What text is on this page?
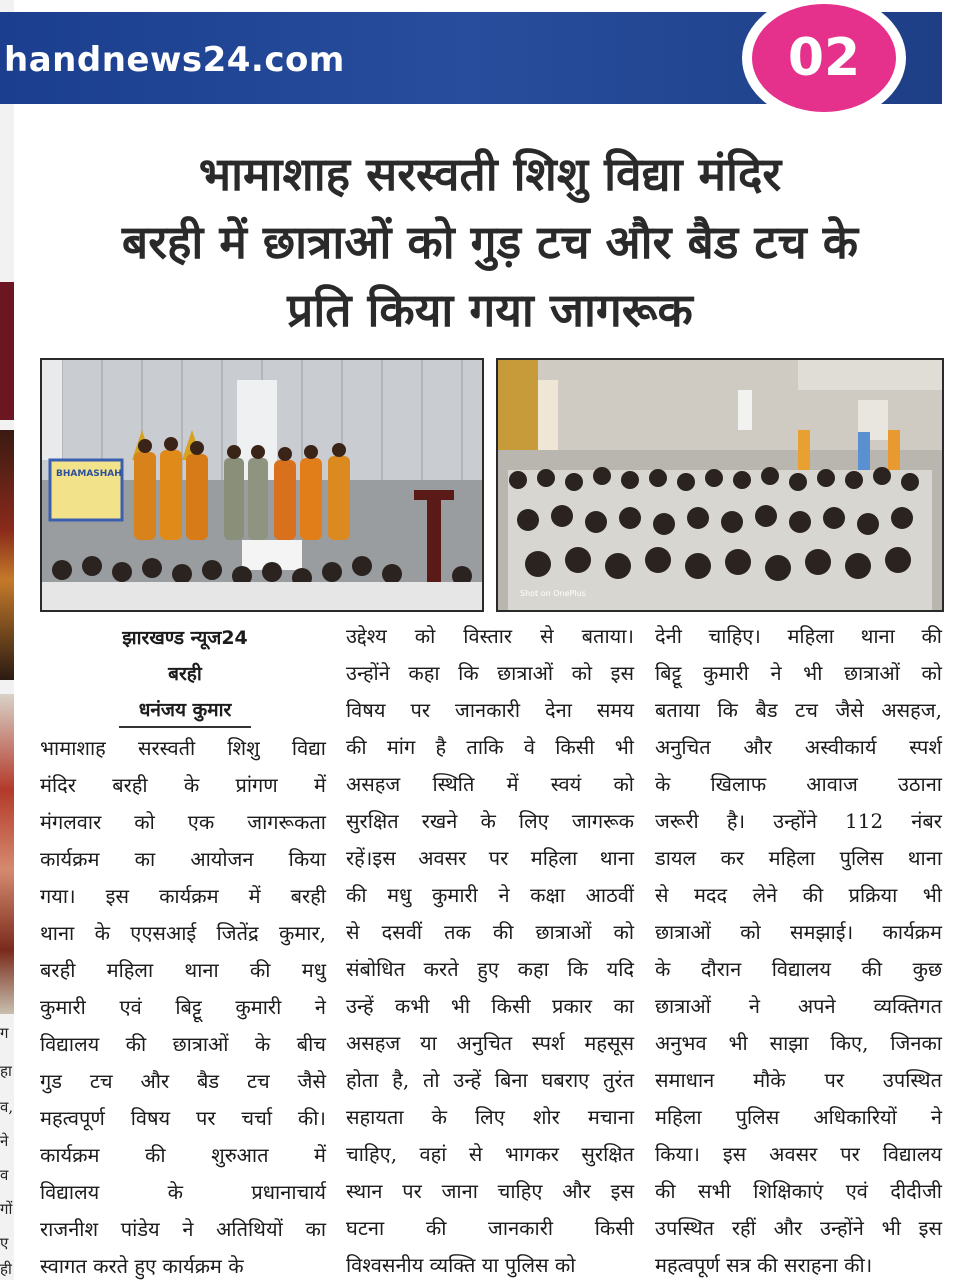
ग
हा
व,
ने
व
गों
ए
ही
handnews24.com	02
भामाशाह सरस्वती शिशु विद्या मंदिर
बरही में छात्राओं को गुड़ टच और बैड टच के
प्रति किया गया जागरूक
BHAMASHAH
Shot on OnePlus
झारखण्ड न्यूज24
बरही
धनंजय कुमार
भामाशाह सरस्वती शिशु विद्या
मंदिर बरही के प्रांगण में
मंगलवार को एक जागरूकता
कार्यक्रम का आयोजन किया
गया। इस कार्यक्रम में बरही
थाना के एएसआई जितेंद्र कुमार,
बरही महिला थाना की मधु
कुमारी एवं बिट्टू कुमारी ने
विद्यालय की छात्राओं के बीच
गुड टच और बैड टच जैसे
महत्वपूर्ण विषय पर चर्चा की।
कार्यक्रम की शुरुआत में
विद्यालय के प्रधानाचार्य
राजनीश पांडेय ने अतिथियों का
स्वागत करते हुए कार्यक्रम के
उद्देश्य को विस्तार से बताया।
उन्होंने कहा कि छात्राओं को इस
विषय पर जानकारी देना समय
की मांग है ताकि वे किसी भी
असहज स्थिति में स्वयं को
सुरक्षित रखने के लिए जागरूक
रहें।इस अवसर पर महिला थाना
की मधु कुमारी ने कक्षा आठवीं
से दसवीं तक की छात्राओं को
संबोधित करते हुए कहा कि यदि
उन्हें कभी भी किसी प्रकार का
असहज या अनुचित स्पर्श महसूस
होता है, तो उन्हें बिना घबराए तुरंत
सहायता के लिए शोर मचाना
चाहिए, वहां से भागकर सुरक्षित
स्थान पर जाना चाहिए और इस
घटना की जानकारी किसी
विश्वसनीय व्यक्ति या पुलिस को
देनी चाहिए। महिला थाना की
बिट्टू कुमारी ने भी छात्राओं को
बताया कि बैड टच जैसे असहज,
अनुचित और अस्वीकार्य स्पर्श
के खिलाफ आवाज उठाना
जरूरी है। उन्होंने 112 नंबर
डायल कर महिला पुलिस थाना
से मदद लेने की प्रक्रिया भी
छात्राओं को समझाई। कार्यक्रम
के दौरान विद्यालय की कुछ
छात्राओं ने अपने व्यक्तिगत
अनुभव भी साझा किए, जिनका
समाधान मौके पर उपस्थित
महिला पुलिस अधिकारियों ने
किया। इस अवसर पर विद्यालय
की सभी शिक्षिकाएं एवं दीदीजी
उपस्थित रहीं और उन्होंने भी इस
महत्वपूर्ण सत्र की सराहना की।
